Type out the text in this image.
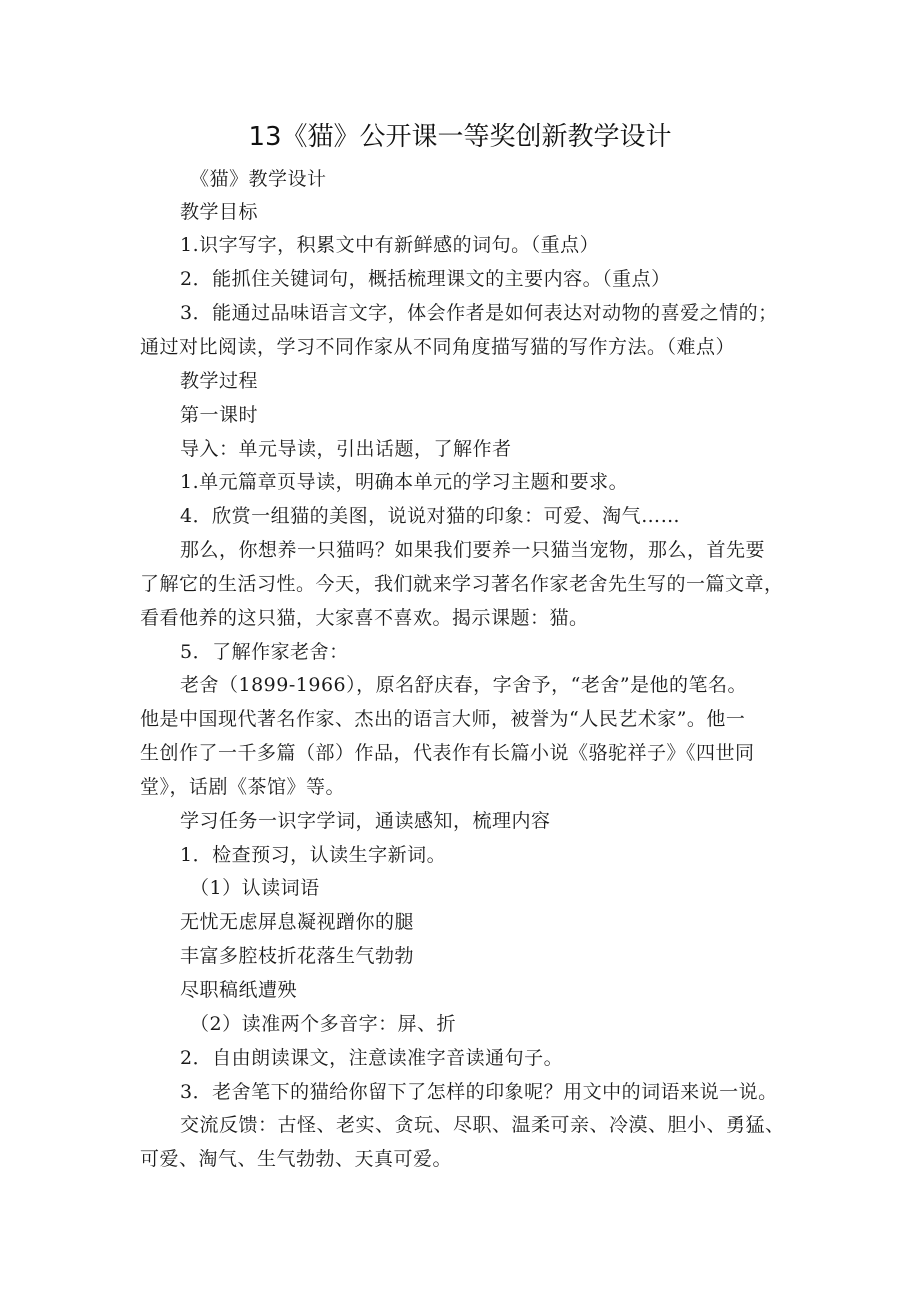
13《猫》公开课一等奖创新教学设计
《猫》教学设计
教学目标
1.识字写字，积累文中有新鲜感的词句。（重点）
2．能抓住关键词句，概括梳理课文的主要内容。（重点）
3．能通过品味语言文字，体会作者是如何表达对动物的喜爱之情的；
通过对比阅读，学习不同作家从不同角度描写猫的写作方法。（难点）
教学过程
第一课时
导入：单元导读，引出话题，了解作者
1.单元篇章页导读，明确本单元的学习主题和要求。
4．欣赏一组猫的美图，说说对猫的印象：可爱、淘气……
那么，你想养一只猫吗？如果我们要养一只猫当宠物，那么，首先要
了解它的生活习性。今天，我们就来学习著名作家老舍先生写的一篇文章，
看看他养的这只猫，大家喜不喜欢。揭示课题：猫。
5．了解作家老舍：
老舍（1899-1966），原名舒庆春，字舍予，“老舍”是他的笔名。
他是中国现代著名作家、杰出的语言大师，被誉为“人民艺术家”。他一
生创作了一千多篇（部）作品，代表作有长篇小说《骆驼祥子》《四世同
堂》，话剧《茶馆》等。
学习任务一识字学词，通读感知，梳理内容
1．检查预习，认读生字新词。
（1）认读词语
无忧无虑屏息凝视蹭你的腿
丰富多腔枝折花落生气勃勃
尽职稿纸遭殃
（2）读准两个多音字：屏、折
2．自由朗读课文，注意读准字音读通句子。
3．老舍笔下的猫给你留下了怎样的印象呢？用文中的词语来说一说。
交流反馈：古怪、老实、贪玩、尽职、温柔可亲、冷漠、胆小、勇猛、
可爱、淘气、生气勃勃、天真可爱。
